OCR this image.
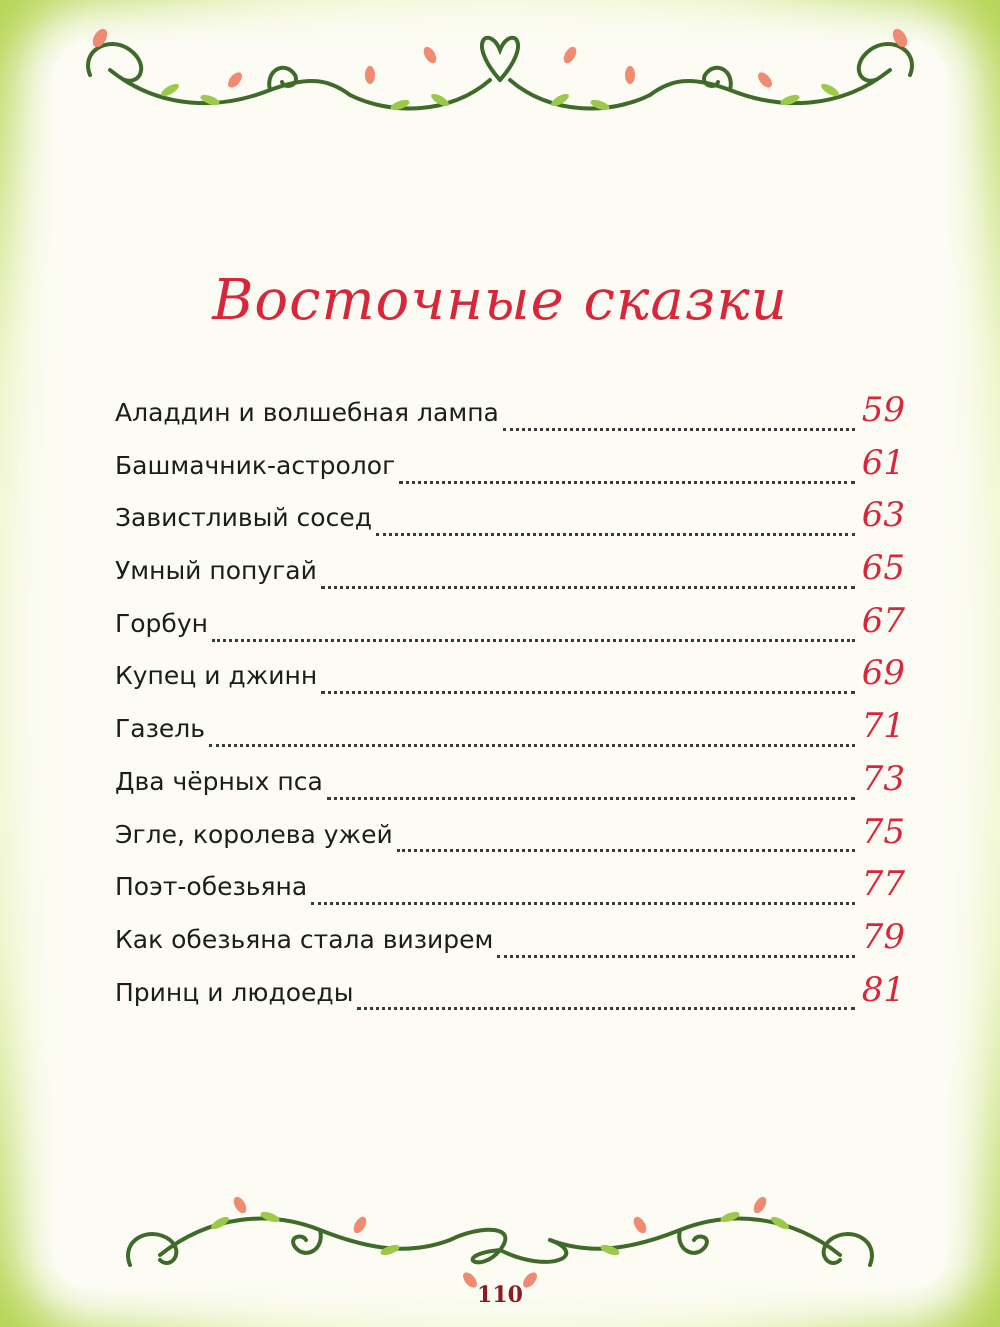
Восточные сказки
Аладдин и волшебная лампа	59
Башмачник-астролог	61
Завистливый сосед	63
Умный попугай	65
Горбун	67
Купец и джинн	69
Газель	71
Два чёрных пса	73
Эгле, королева ужей	75
Поэт-обезьяна	77
Как обезьяна стала визирем	79
Принц и людоеды	81
110
